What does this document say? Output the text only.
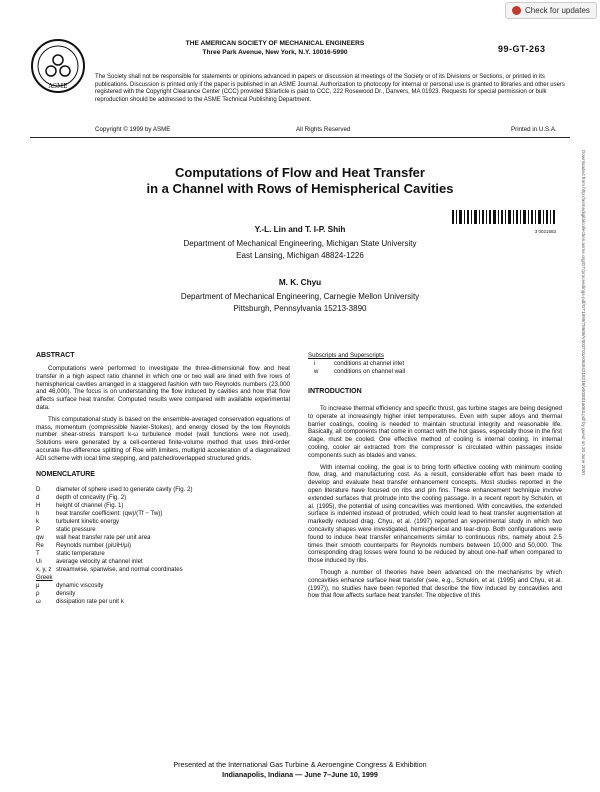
ASME
Check for updates
THE AMERICAN SOCIETY OF MECHANICAL ENGINEERS
Three Park Avenue, New York, N.Y. 10016-5990	99-GT-263
The Society shall not be responsible for statements or opinions advanced in papers or discussion at meetings of the Society or of its Divisions or Sections, or printed in its publications. Discussion is printed only if the paper is published in an ASME Journal. Authorization to photocopy for internal or personal use is granted to libraries and other users registered with the Copyright Clearance Center (CCC) provided $3/article is paid to CCC, 222 Rosewood Dr., Danvers, MA 01923. Requests for special permission or bulk reproduction should be addressed to the ASME Technical Publishing Department.
Copyright © 1999 by ASME	All Rights Reserved	Printed in U.S.A.
Computations of Flow and Heat Transfer
in a Channel with Rows of Hemispherical Cavities
3 0021583
Y.-L. Lin and T. I-P. Shih
Department of Mechanical Engineering, Michigan State University
East Lansing, Michigan 48824-1226
M. K. Chyu
Department of Mechanical Engineering, Carnegie Mellon University
Pittsburgh, Pennsylvania 15213-3890
ABSTRACT

Computations were performed to investigate the three-dimensional flow and heat transfer in a high aspect ratio channel in which one or two wall are lined with five rows of hemispherical cavities arranged in a staggered fashion with two Reynolds numbers (23,000 and 46,000). The focus is on understanding the flow induced by cavities and how that flow affects surface heat transfer. Computed results were compared with available experimental data.

This computational study is based on the ensemble-averaged conservation equations of mass, momentum (compressible Navier-Stokes), and energy closed by the low Reynolds number shear-stress transport k-ω turbulence model (wall functions were not used). Solutions were generated by a cell-centered finite-volume method that uses third-order accurate flux-difference splitting of Roe with limiters, multigrid acceleration of a diagonalized ADI scheme with local time stepping, and patched/overlapped structured grids.

NOMENCLATURE
D	diameter of sphere used to generate cavity (Fig. 2)
d	depth of concavity (Fig. 2)
H	height of channel (Fig. 1)
h	heat transfer coefficient: (qw)/(Tf − Tw))
k	turbulent kinetic energy
P	static pressure
qw	wall heat transfer rate per unit area
Re	Reynolds number (ρiUiH/μi)
T	static temperature
Ui	average velocity at channel inlet
x, y, z streamwise, spanwise, and normal coordinates
Greek
μ	dynamic viscosity
ρ	density
ω	dissipation rate per unit k
Subscripts and Superscripts
i	conditions at channel inlet
w	conditions on channel wall
INTRODUCTION

To increase thermal efficiency and specific thrust, gas turbine stages are being designed to operate at increasingly higher inlet temperatures. Even with super alloys and thermal barrier coatings, cooling is needed to maintain structural integrity and reasonable life. Basically, all components that come in contact with the hot gases, especially those in the first stage, must be cooled. One effective method of cooling is internal cooling. In internal cooling, cooler air extracted from the compressor is circulated within passages inside components such as blades and vanes.

With internal cooling, the goal is to bring forth effective cooling with minimum cooling flow, drag, and manufacturing cost. As a result, considerable effort has been made to develop and evaluate heat transfer enhancement concepts. Most studies reported in the open literature have focused on ribs and pin fins. These enhancement technique involve extended surfaces that protrude into the cooling passage. In a recent report by Schukin, et al. (1995), the potential of using concavities was mentioned. With concavities, the extended surface is indented instead of protruded, which could lead to heat transfer augmentation at markedly reduced drag. Chyu, et al. (1997) reported an experimental study in which two concavity shapes were investigated, hemispherical and tear-drop. Both configurations were found to induce heat transfer enhancements similar to continuous ribs, namely about 2.5 times their smooth counterparts for Reynolds numbers between 10,000 and 50,000. The corresponding drag losses were found to be reduced by about one-half when compared to those induced by ribs.

Though a number of theories have been advanced on the mechanisms by which concavities enhance surface heat transfer (see, e.g., Schukin, et al. (1995) and Chyu, et al. (1997)), no studies have been reported that describe the flow induced by concavities and how that flow affects surface heat transfer. The objective of this

Downloaded from http://asmedigitalcollection.asme.org/GT/proceedings-pdf/GT1999/78606/V003T01A063/4218218/v003t01a063.pdf by guest on 20 June 2020
Presented at the International Gas Turbine & Aeroengine Congress & Exhibition
Indianapolis, Indiana — June 7–June 10, 1999
